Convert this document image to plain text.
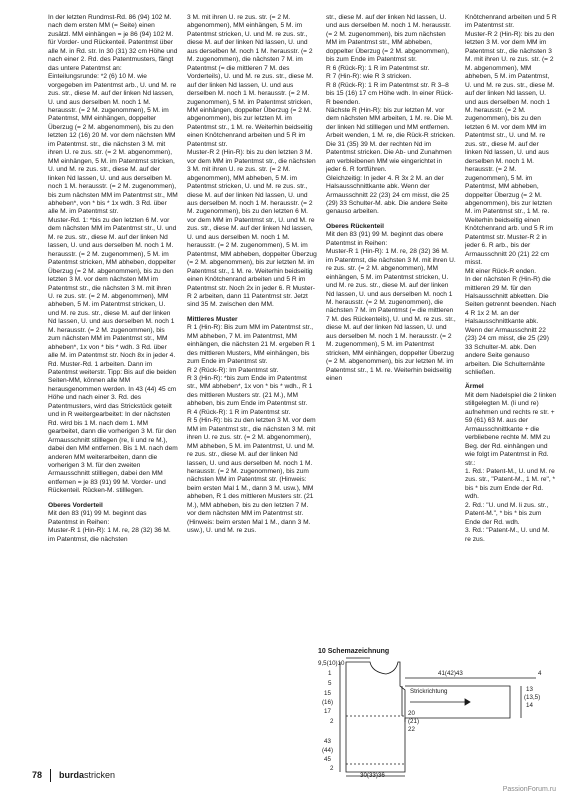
In der letzten Rundmst-Rd. 86 (94) 102 M. nach dem ersten MM (= Seite) einen zusätzl. MM einhängen = je 86 (94) 102 M. für Vorder- und Rückenteil. Patentmst über alle M. in Rd. str. In 30 (31) 32 cm Höhe und nach einer 2. Rd. des Patentmusters, fängt das untere Patentmst an:

Einteilungsrunde: *2 (6) 10 M. wie vorgegeben im Patentmst arb., U. und M. re zus. str., diese M. auf der linken Nd lassen, U. und aus derselben M. noch 1 M. herausstr. (= 2 M. zugenommen), 5 M. im Patentmst, MM einhängen, doppelter Überzug (= 2 M. abgenommen), bis zu den letzten 12 (16) 20 M. vor dem nächsten MM im Patentmst. str., die nächsten 3 M. mit ihren U. re zus. str. (= 2 M. abgenommen), MM einhängen, 5 M. im Patentmst stricken, U. und M. re zus. str., diese M. auf der linken Nd lassen, U. und aus derselben M. noch 1 M. herausstr. (= 2 M. zugenommen), bis zum nächsten MM im Patentmst str., MM abheben*, von * bis * 1x wdh. 3 Rd. über alle M. im Patentmst str.

Muster-Rd. 1: *bis zu den letzten 6 M. vor dem nächsten MM im Patentmst str., U. und M. re zus. str., diese M. auf der linken Nd lassen, U. und aus derselben M. noch 1 M. herausstr. (= 2 M. zugenommen), 5 M. im Patentmst stricken, MM abheben, doppelter Überzug (= 2 M. abgenommen), bis zu den letzten 3 M. vor dem nächsten MM im Patentmst str., die nächsten 3 M. mit ihren U. re zus. str. (= 2 M. abgenommen), MM abheben, 5 M. im Patentmst stricken, U. und M. re zus. str., diese M. auf der linken Nd lassen, U. und aus derselben M. noch 1 M. herausstr. (= 2 M. zugenommen), bis zum nächsten MM im Patentmst str., MM abheben*, 1x von * bis * wdh. 3 Rd. über alle M. im Patentmst str. Noch 8x in jeder 4. Rd. Muster-Rd. 1 arbeiten. Dann im Patentmst weiterstr. Tipp: Bis auf die beiden Seiten-MM, können alle MM herausgenommen werden. In 43 (44) 45 cm Höhe und nach einer 3. Rd. des Patentmusters, wird das Strickstück geteilt und in R weitergearbeitet: In der nächsten Rd. wird bis 1 M. nach dem 1. MM gearbeitet, dann die vorherigen 3 M. für den Armausschnitt stilllegen (re, li und re M.), dabei den MM entfernen. Bis 1 M. nach dem anderen MM weiterarbeiten, dann die vorherigen 3 M. für den zweiten Armausschnitt stilllegen, dabei den MM entfernen = je 83 (91) 99 M. Vorder- und Rückenteil. Rücken-M. stilllegen.

Oberes Vorderteil

Mit den 83 (91) 99 M. beginnt das Patentmst in Reihen:

Muster-R 1 (Hin-R): 1 M. re, 28 (32) 36 M. im Patentmst, die nächsten

3 M. mit ihren U. re zus. str. (= 2 M. abgenommen), MM einhängen, 5 M. im Patentmst stricken, U. und M. re zus. str., diese M. auf der linken Nd lassen, U. und aus derselben M. noch 1 M. herausstr. (= 2 M. zugenommen), die nächsten 7 M. im Patentmst (= die mittleren 7 M. des Vorderteils), U. und M. re zus. str., diese M. auf der linken Nd lassen, U. und aus derselben M. noch 1 M. herausstr. (= 2 M. zugenommen), 5 M. im Patentmst stricken, MM einhängen, doppelter Überzug (= 2 M. abgenommen), bis zur letzten M. im Patentmst str., 1 M. re. Weiterhin beidseitig einen Knötchenrand arbeiten und 5 R im Patentmst str.

Muster-R 2 (Hin-R): bis zu den letzten 3 M. vor dem MM im Patentmst str., die nächsten 3 M. mit ihren U. re zus. str. (= 2 M. abgenommen), MM abheben, 5 M. im Patentmst stricken, U. und M. re zus. str., diese M. auf der linken Nd lassen, U. und aus derselben M. noch 1 M. herausstr. (= 2 M. zugenommen), bis zu den letzten 6 M. vor dem MM im Patentmst str., U. und M. re zus. str., diese M. auf der linken Nd lassen, U. und aus derselben M. noch 1 M. herausstr. (= 2 M. zugenommen), 5 M. im Patentmst, MM abheben, doppelter Überzug (= 2 M. abgenommen), bis zur letzten M. im Patentmst str., 1 M. re. Weiterhin beidseitig einen Knötchenrand arbeiten und 5 R im Patentmst str. Noch 2x in jeder 6. R Muster-R 2 arbeiten, dann 11 Patentmst str. Jetzt sind 35 M. zwischen den MM.

Mittleres Muster

R 1 (Hin-R): Bis zum MM im Patentmst str., MM abheben, 7 M. im Patentmst, MM einhängen, die nächsten 21 M. ergeben R 1 des mittleren Musters, MM einhängen, bis zum Ende im Patentmst str.

R 2 (Rück-R): Im Patentmst str.

R 3 (Hin-R): *bis zum Ende im Patentmst str., MM abheben*, 1x von * bis * wdh., R 1 des mittleren Musters str. (21 M.), MM abheben, bis zum Ende im Patentmst str.

R 4 (Rück-R): 1 R im Patentmst str.

R 5 (Hin-R): bis zu den letzten 3 M. vor dem MM im Patentmst str., die nächsten 3 M. mit ihren U. re zus. str. (= 2 M. abgenommen), MM abheben, 5 M. im Patentmst, U. und M. re zus. str., diese M. auf der linken Nd lassen, U. und aus derselben M. noch 1 M. herausstr. (= 2 M. zugenommen), bis zum nächsten MM im Patentmst str. (Hinweis: beim ersten Mal 1 M., dann 3 M. usw.), MM abheben, R 1 des mittleren Musters str. (21 M.), MM abheben, bis zu den letzten 7 M. vor dem nächsten MM im Patentmst str. (Hinweis: beim ersten Mal 1 M., dann 3 M. usw.), U. und M. re zus.

str., diese M. auf der linken Nd lassen, U. und aus derselben M. noch 1 M. herausstr. (= 2 M. zugenommen), bis zum nächsten MM im Patentmst str., MM abheben, doppelter Überzug (= 2 M. abgenommen), bis zum Ende im Patentmst str.

R 6 (Rück-R): 1 R im Patentmst str.

R 7 (Hin-R): wie R 3 stricken.

R 8 (Rück-R): 1 R im Patentmst str. R 3–8 bis 15 (16) 17 cm Höhe wdh. In einer Rück-R beenden.

Nächste R (Hin-R): bis zur letzten M. vor dem nächsten MM arbeiten, 1 M. re. Die M. der linken Nd stilllegen und MM entfernen. Arbeit wenden, 1 M. re, die Rück-R stricken. Die 31 (35) 39 M. der rechten Nd im Patentmst stricken. Die Ab- und Zunahmen am verbleibenen MM wie eingerichtet in jeder 6. R fortführen.

Gleichzeitig: In jeder 4. R 3x 2 M. an der Halsausschnittkante abk. Wenn der Armausschnitt 22 (23) 24 cm misst, die 25 (29) 33 Schulter-M. abk. Die andere Seite genauso arbeiten.

Oberes Rückenteil

Mit den 83 (91) 99 M. beginnt das obere Patentmst in Reihen:

Muster-R 1 (Hin-R): 1 M. re, 28 (32) 36 M. im Patentmst, die nächsten 3 M. mit ihren U. re zus. str. (= 2 M. abgenommen), MM einhängen, 5 M. im Patentmst stricken, U. und M. re zus. str., diese M. auf der linken Nd lassen, U. und aus derselben M. noch 1 M. herausstr. (= 2 M. zugenommen), die nächsten 7 M. im Patentmst (= die mittleren 7 M. des Rückenteils), U. und M. re zus. str., diese M. auf der linken Nd lassen, U. und aus derselben M. noch 1 M. herausstr. (= 2 M. zugenommen), 5 M. im Patentmst stricken, MM einhängen, doppelter Überzug (= 2 M. abgenommen), bis zur letzten M. im Patentmst str., 1 M. re. Weiterhin beidseitig einen

Knötchenrand arbeiten und 5 R im Patentmst str.

Muster-R 2 (Hin-R): bis zu den letzten 3 M. vor dem MM im Patentmst str., die nächsten 3 M. mit ihren U. re zus. str. (= 2 M. abgenommen), MM abheben, 5 M. im Patentmst, U. und M. re zus. str., diese M. auf der linken Nd lassen, U. und aus derselben M. noch 1 M. herausstr. (= 2 M. zugenommen), bis zu den letzten 6 M. vor dem MM im Patentmst str., U. und M. re zus. str., diese M. auf der linken Nd lassen, U. und aus derselben M. noch 1 M. herausstr. (= 2 M. zugenommen), 5 M. im Patentmst, MM abheben, doppelter Überzug (= 2 M. abgenommen), bis zur letzten M. im Patentmst str., 1 M. re. Weiterhin beidseitig einen Knötchenrand arb. und 5 R im Patentmst str. Muster-R 2 in jeder 6. R arb., bis der Armausschnitt 20 (21) 22 cm misst.

Mit einer Rück-R enden.

In der nächsten R (Hin-R) die mittleren 29 M. für den Halsausschnitt abketten. Die Seiten getrennt beenden. Nach 4 R 1x 2 M. an der Halsausschnittkante abk. Wenn der Armausschnitt 22 (23) 24 cm misst, die 25 (29) 33 Schulter-M. abk. Den andere Seite genauso arbeiten. Die Schulternähte schließen.

Ärmel

Mit dem Nadelspiel die 2 linken stillgelegten M. (li und re) aufnehmen und rechts re str. + 59 (61) 63 M. aus der Armausschnittkante + die verbliebene rechte M. MM zu Beg. der Rd. einhängen und wie folgt im Patentmst in Rd. str.:

1. Rd.: Patent-M., U. und M. re zus. str., "Patent-M., 1 M. re", * bis * bis zum Ende der Rd. wdh.

2. Rd.: "U. und M. li zus. str., Patent-M.", * bis * bis zum Ende der Rd. wdh.

3. Rd.: "Patent-M., U. und M. re zus.

10 Schemazeichnung
9,5(10)10
41(42)43	4
1
5
15
(16)
17
2
43
(44)
45
2
20
(21)
22
Strickrichtung	13
(13,5)
14
30(33)36
78 burdastricken
PassionForum.ru
